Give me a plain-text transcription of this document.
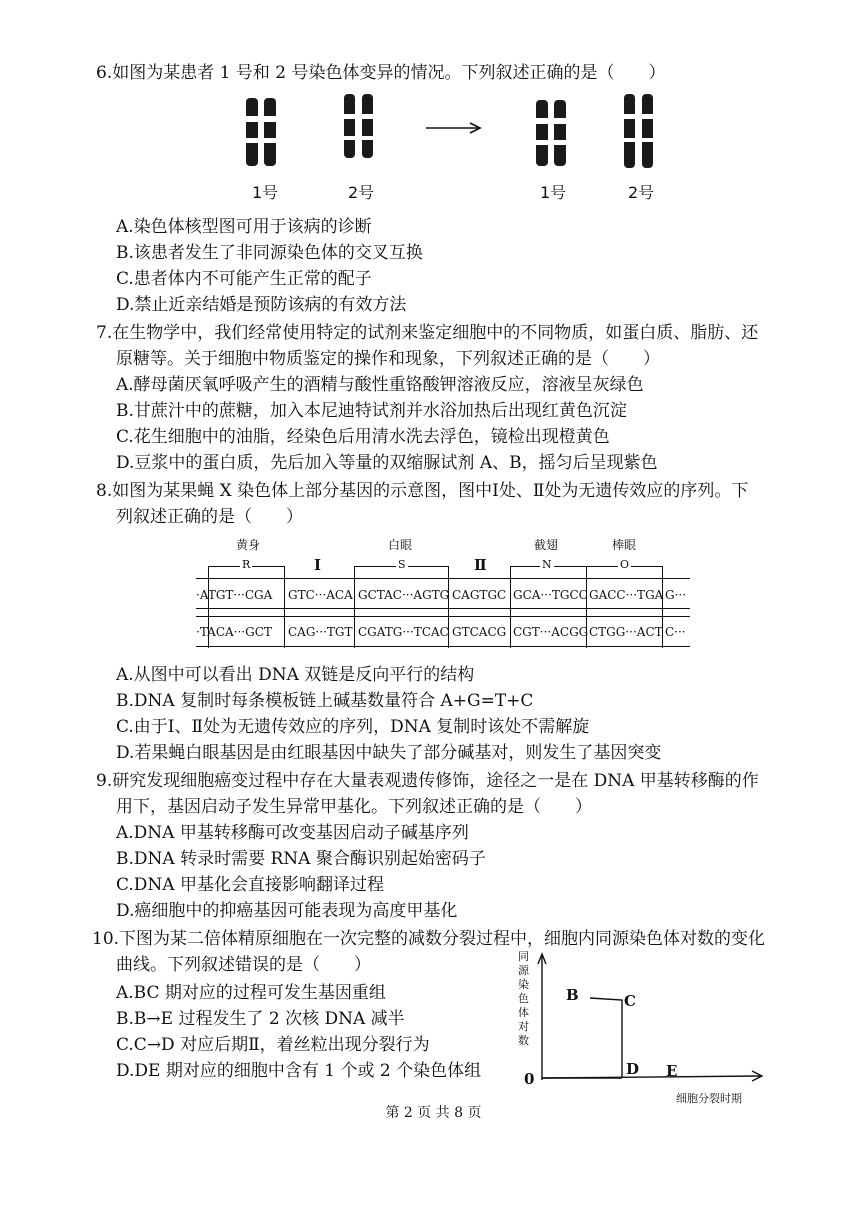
6.如图为某患者 1 号和 2 号染色体变异的情况。下列叙述正确的是（　　）
1号	2号	1号	2号
A.染色体核型图可用于该病的诊断
B.该患者发生了非同源染色体的交叉互换
C.患者体内不可能产生正常的配子
D.禁止近亲结婚是预防该病的有效方法
7.在生物学中，我们经常使用特定的试剂来鉴定细胞中的不同物质，如蛋白质、脂肪、还
原糖等。关于细胞中物质鉴定的操作和现象，下列叙述正确的是（　　）
A.酵母菌厌氧呼吸产生的酒精与酸性重铬酸钾溶液反应，溶液呈灰绿色
B.甘蔗汁中的蔗糖，加入本尼迪特试剂并水浴加热后出现红黄色沉淀
C.花生细胞中的油脂，经染色后用清水洗去浮色，镜检出现橙黄色
D.豆浆中的蛋白质，先后加入等量的双缩脲试剂 A、B，摇匀后呈现紫色
8.如图为某果蝇 X 染色体上部分基因的示意图，图中Ⅰ处、Ⅱ处为无遗传效应的序列。下
列叙述正确的是（　　）
黄身	白眼	截翅	棒眼
R	Ⅰ	S	Ⅱ	N	O
·ATGT···CGA GTC···ACA GCTAC···AGTG CAGTGC GCA···TGCC GACC···TGA G···
·TACA···GCT CAG···TGT CGATG···TCAC GTCACG CGT···ACGG CTGG···ACT C···
A.从图中可以看出 DNA 双链是反向平行的结构
B.DNA 复制时每条模板链上碱基数量符合 A+G=T+C
C.由于Ⅰ、Ⅱ处为无遗传效应的序列，DNA 复制时该处不需解旋
D.若果蝇白眼基因是由红眼基因中缺失了部分碱基对，则发生了基因突变
9.研究发现细胞癌变过程中存在大量表观遗传修饰，途径之一是在 DNA 甲基转移酶的作
用下，基因启动子发生异常甲基化。下列叙述正确的是（　　）
A.DNA 甲基转移酶可改变基因启动子碱基序列
B.DNA 转录时需要 RNA 聚合酶识别起始密码子
C.DNA 甲基化会直接影响翻译过程
D.癌细胞中的抑癌基因可能表现为高度甲基化
10.下图为某二倍体精原细胞在一次完整的减数分裂过程中，细胞内同源染色体对数的变化
曲线。下列叙述错误的是（　　）
A.BC 期对应的过程可发生基因重组
B.B→E 过程发生了 2 次核 DNA 减半
C.C→D 对应后期Ⅱ，着丝粒出现分裂行为
D.DE 期对应的细胞中含有 1 个或 2 个染色体组
同
源
染
色
体
对
数
0
B	C
D E
细胞分裂时期
第 2 页 共 8 页
